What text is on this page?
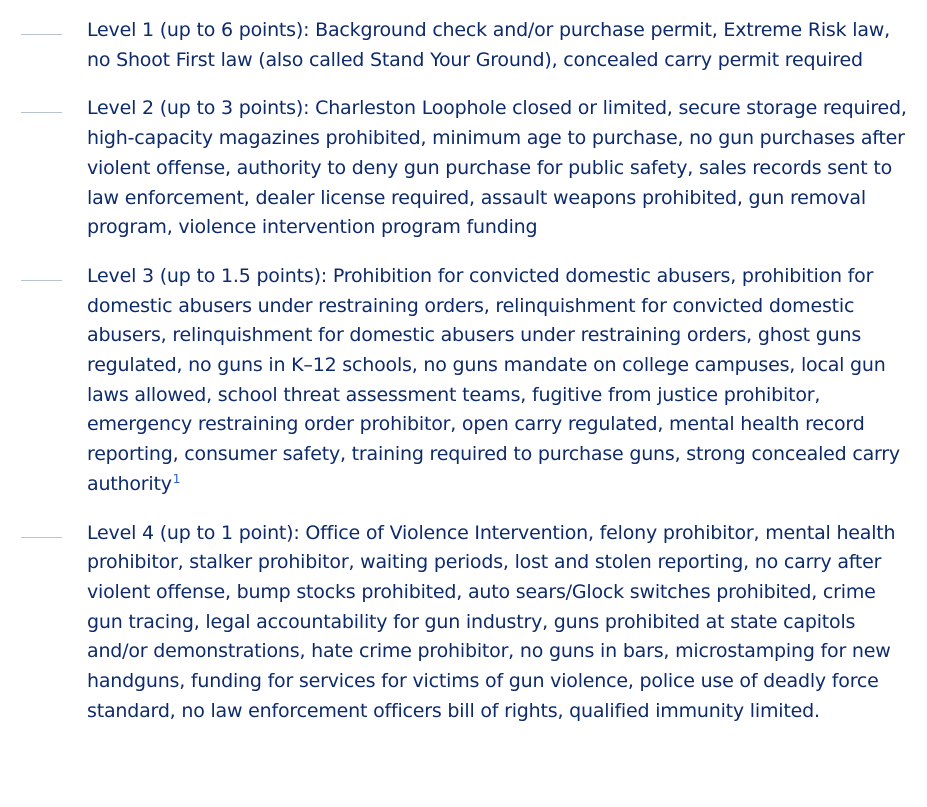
Level 1 (up to 6 points): Background check and/or purchase permit, Extreme Risk law, no Shoot First law (also called Stand Your Ground), concealed carry permit required

Level 2 (up to 3 points): Charleston Loophole closed or limited, secure storage required, high-capacity magazines prohibited, minimum age to purchase, no gun purchases after violent offense, authority to deny gun purchase for public safety, sales records sent to law enforcement, dealer license required, assault weapons prohibited, gun removal program, violence intervention program funding

Level 3 (up to 1.5 points): Prohibition for convicted domestic abusers, prohibition for domestic abusers under restraining orders, relinquishment for convicted domestic abusers, relinquishment for domestic abusers under restraining orders, ghost guns regulated, no guns in K–12 schools, no guns mandate on college campuses, local gun laws allowed, school threat assessment teams, fugitive from justice prohibitor, emergency restraining order prohibitor, open carry regulated, mental health record reporting, consumer safety, training required to purchase guns, strong concealed carry authority$^1$

Level 4 (up to 1 point): Office of Violence Intervention, felony prohibitor, mental health prohibitor, stalker prohibitor, waiting periods, lost and stolen reporting, no carry after violent offense, bump stocks prohibited, auto sears/Glock switches prohibited, crime gun tracing, legal accountability for gun industry, guns prohibited at state capitols and/or demonstrations, hate crime prohibitor, no guns in bars, microstamping for new handguns, funding for services for victims of gun violence, police use of deadly force standard, no law enforcement officers bill of rights, qualified immunity limited.
